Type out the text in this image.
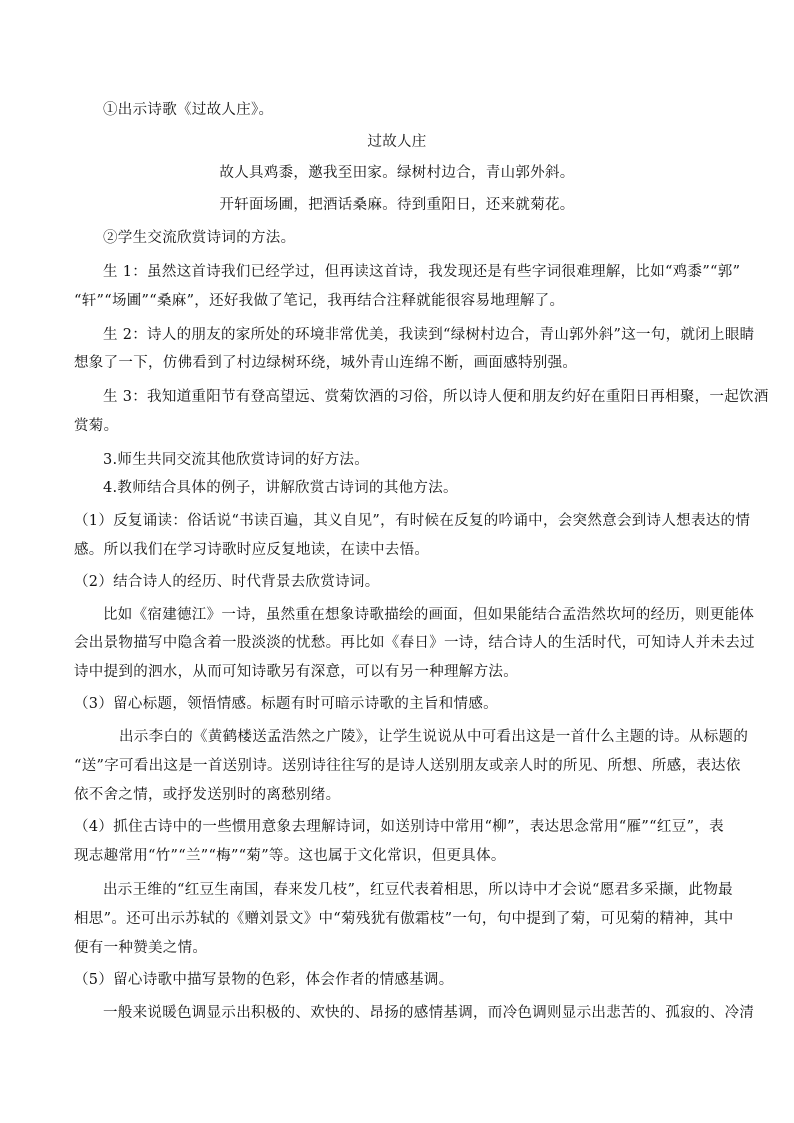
①出示诗歌《过故人庄》。
过故人庄
故人具鸡黍，邀我至田家。绿树村边合，青山郭外斜。
开轩面场圃，把酒话桑麻。待到重阳日，还来就菊花。
②学生交流欣赏诗词的方法。
生 1：虽然这首诗我们已经学过，但再读这首诗，我发现还是有些字词很难理解，比如“鸡黍”“郭”
“轩”“场圃”“桑麻”，还好我做了笔记，我再结合注释就能很容易地理解了。
生 2：诗人的朋友的家所处的环境非常优美，我读到“绿树村边合，青山郭外斜”这一句，就闭上眼睛
想象了一下，仿佛看到了村边绿树环绕，城外青山连绵不断，画面感特别强。
生 3：我知道重阳节有登高望远、赏菊饮酒的习俗，所以诗人便和朋友约好在重阳日再相聚，一起饮酒
赏菊。
3.师生共同交流其他欣赏诗词的好方法。
4.教师结合具体的例子，讲解欣赏古诗词的其他方法。
（1）反复诵读：俗话说“书读百遍，其义自见”，有时候在反复的吟诵中，会突然意会到诗人想表达的情
感。所以我们在学习诗歌时应反复地读，在读中去悟。
（2）结合诗人的经历、时代背景去欣赏诗词。
比如《宿建德江》一诗，虽然重在想象诗歌描绘的画面，但如果能结合孟浩然坎坷的经历，则更能体
会出景物描写中隐含着一股淡淡的忧愁。再比如《春日》一诗，结合诗人的生活时代，可知诗人并未去过
诗中提到的泗水，从而可知诗歌另有深意，可以有另一种理解方法。
（3）留心标题，领悟情感。标题有时可暗示诗歌的主旨和情感。
出示李白的《黄鹤楼送孟浩然之广陵》，让学生说说从中可看出这是一首什么主题的诗。从标题的
“送”字可看出这是一首送别诗。送别诗往往写的是诗人送别朋友或亲人时的所见、所想、所感，表达依
依不舍之情，或抒发送别时的离愁别绪。
（4）抓住古诗中的一些惯用意象去理解诗词，如送别诗中常用“柳”，表达思念常用“雁”“红豆”，表
现志趣常用“竹”“兰”“梅”“菊”等。这也属于文化常识，但更具体。
出示王维的“红豆生南国，春来发几枝”，红豆代表着相思，所以诗中才会说“愿君多采撷，此物最
相思”。还可出示苏轼的《赠刘景文》中“菊残犹有傲霜枝”一句，句中提到了菊，可见菊的精神，其中
便有一种赞美之情。
（5）留心诗歌中描写景物的色彩，体会作者的情感基调。
一般来说暖色调显示出积极的、欢快的、昂扬的感情基调，而冷色调则显示出悲苦的、孤寂的、冷清
